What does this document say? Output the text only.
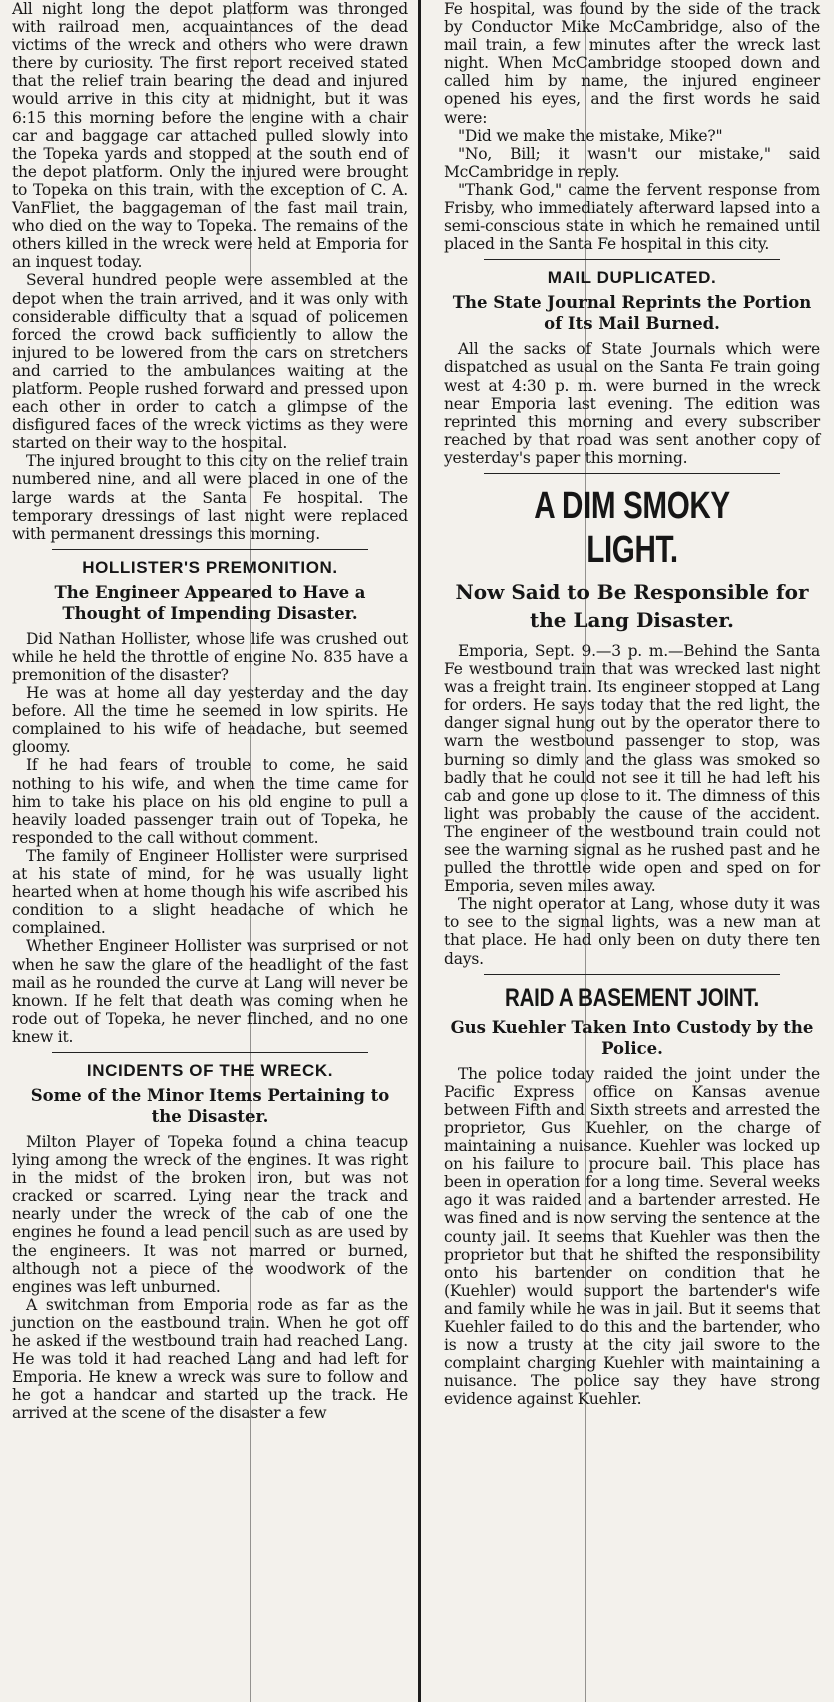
All night long the depot platform was thronged with railroad men, acquaintances of the dead victims of the wreck and others who were drawn there by curiosity. The first report received stated that the relief train bearing the dead and injured would arrive in this city at midnight, but it was 6:15 this morning before the engine with a chair car and baggage car attached pulled slowly into the Topeka yards and stopped at the south end of the depot platform. Only the injured were brought to Topeka on this train, with the exception of C. A. VanFliet, the baggageman of the fast mail train, who died on the way to Topeka. The remains of the others killed in the wreck were held at Emporia for an inquest today.

Several hundred people were assembled at the depot when the train arrived, and it was only with considerable difficulty that a squad of policemen forced the crowd back sufficiently to allow the injured to be lowered from the cars on stretchers and carried to the ambulances waiting at the platform. People rushed forward and pressed upon each other in order to catch a glimpse of the disfigured faces of the wreck victims as they were started on their way to the hospital.

The injured brought to this city on the relief train numbered nine, and all were placed in one of the large wards at the Santa Fe hospital. The temporary dressings of last night were replaced with permanent dressings this morning.

HOLLISTER'S PREMONITION.
The Engineer Appeared to Have a Thought of Impending Disaster.

Did Nathan Hollister, whose life was crushed out while he held the throttle of engine No. 835 have a premonition of the disaster?

He was at home all day yesterday and the day before. All the time he seemed in low spirits. He complained to his wife of headache, but seemed gloomy.

If he had fears of trouble to come, he said nothing to his wife, and when the time came for him to take his place on his old engine to pull a heavily loaded passenger train out of Topeka, he responded to the call without comment.

The family of Engineer Hollister were surprised at his state of mind, for he was usually light hearted when at home though his wife ascribed his condition to a slight headache of which he complained.

Whether Engineer Hollister was surprised or not when he saw the glare of the headlight of the fast mail as he rounded the curve at Lang will never be known. If he felt that death was coming when he rode out of Topeka, he never flinched, and no one knew it.

INCIDENTS OF THE WRECK.
Some of the Minor Items Pertaining to the Disaster.

Milton Player of Topeka found a china teacup lying among the wreck of the engines. It was right in the midst of the broken iron, but was not cracked or scarred. Lying near the track and nearly under the wreck of the cab of one the engines he found a lead pencil such as are used by the engineers. It was not marred or burned, although not a piece of the woodwork of the engines was left unburned.

A switchman from Emporia rode as far as the junction on the eastbound train. When he got off he asked if the westbound train had reached Lang. He was told it had reached Lang and had left for Emporia. He knew a wreck was sure to follow and he got a handcar and started up the track. He arrived at the scene of the disaster a few

Fe hospital, was found by the side of the track by Conductor Mike McCambridge, also of the mail train, a few minutes after the wreck last night. When McCambridge stooped down and called him by name, the injured engineer opened his eyes, and the first words he said were:

"Did we make the mistake, Mike?"

"No, Bill; it wasn't our mistake," said McCambridge in reply.

"Thank God," came the fervent response from Frisby, who immediately afterward lapsed into a semi-conscious state in which he remained until placed in the Santa Fe hospital in this city.

MAIL DUPLICATED.
The State Journal Reprints the Portion of Its Mail Burned.

All the sacks of State Journals which were dispatched as usual on the Santa Fe train going west at 4:30 p. m. were burned in the wreck near Emporia last evening. The edition was reprinted this morning and every subscriber reached by that road was sent another copy of yesterday's paper this morning.

A DIM SMOKY LIGHT.
Now Said to Be Responsible for the Lang Disaster.

Emporia, Sept. 9.—3 p. m.—Behind the Santa Fe westbound train that was wrecked last night was a freight train. Its engineer stopped at Lang for orders. He says today that the red light, the danger signal hung out by the operator there to warn the westbound passenger to stop, was burning so dimly and the glass was smoked so badly that he could not see it till he had left his cab and gone up close to it. The dimness of this light was probably the cause of the accident. The engineer of the westbound train could not see the warning signal as he rushed past and he pulled the throttle wide open and sped on for Emporia, seven miles away.

The night operator at Lang, whose duty it was to see to the signal lights, was a new man at that place. He had only been on duty there ten days.

RAID A BASEMENT JOINT.
Gus Kuehler Taken Into Custody by the Police.

The police today raided the joint under the Pacific Express office on Kansas avenue between Fifth and Sixth streets and arrested the proprietor, Gus Kuehler, on the charge of maintaining a nuisance. Kuehler was locked up on his failure to procure bail. This place has been in operation for a long time. Several weeks ago it was raided and a bartender arrested. He was fined and is now serving the sentence at the county jail. It seems that Kuehler was then the proprietor but that he shifted the responsibility onto his bartender on condition that he (Kuehler) would support the bartender's wife and family while he was in jail. But it seems that Kuehler failed to do this and the bartender, who is now a trusty at the city jail swore to the complaint charging Kuehler with maintaining a nuisance. The police say they have strong evidence against Kuehler.
